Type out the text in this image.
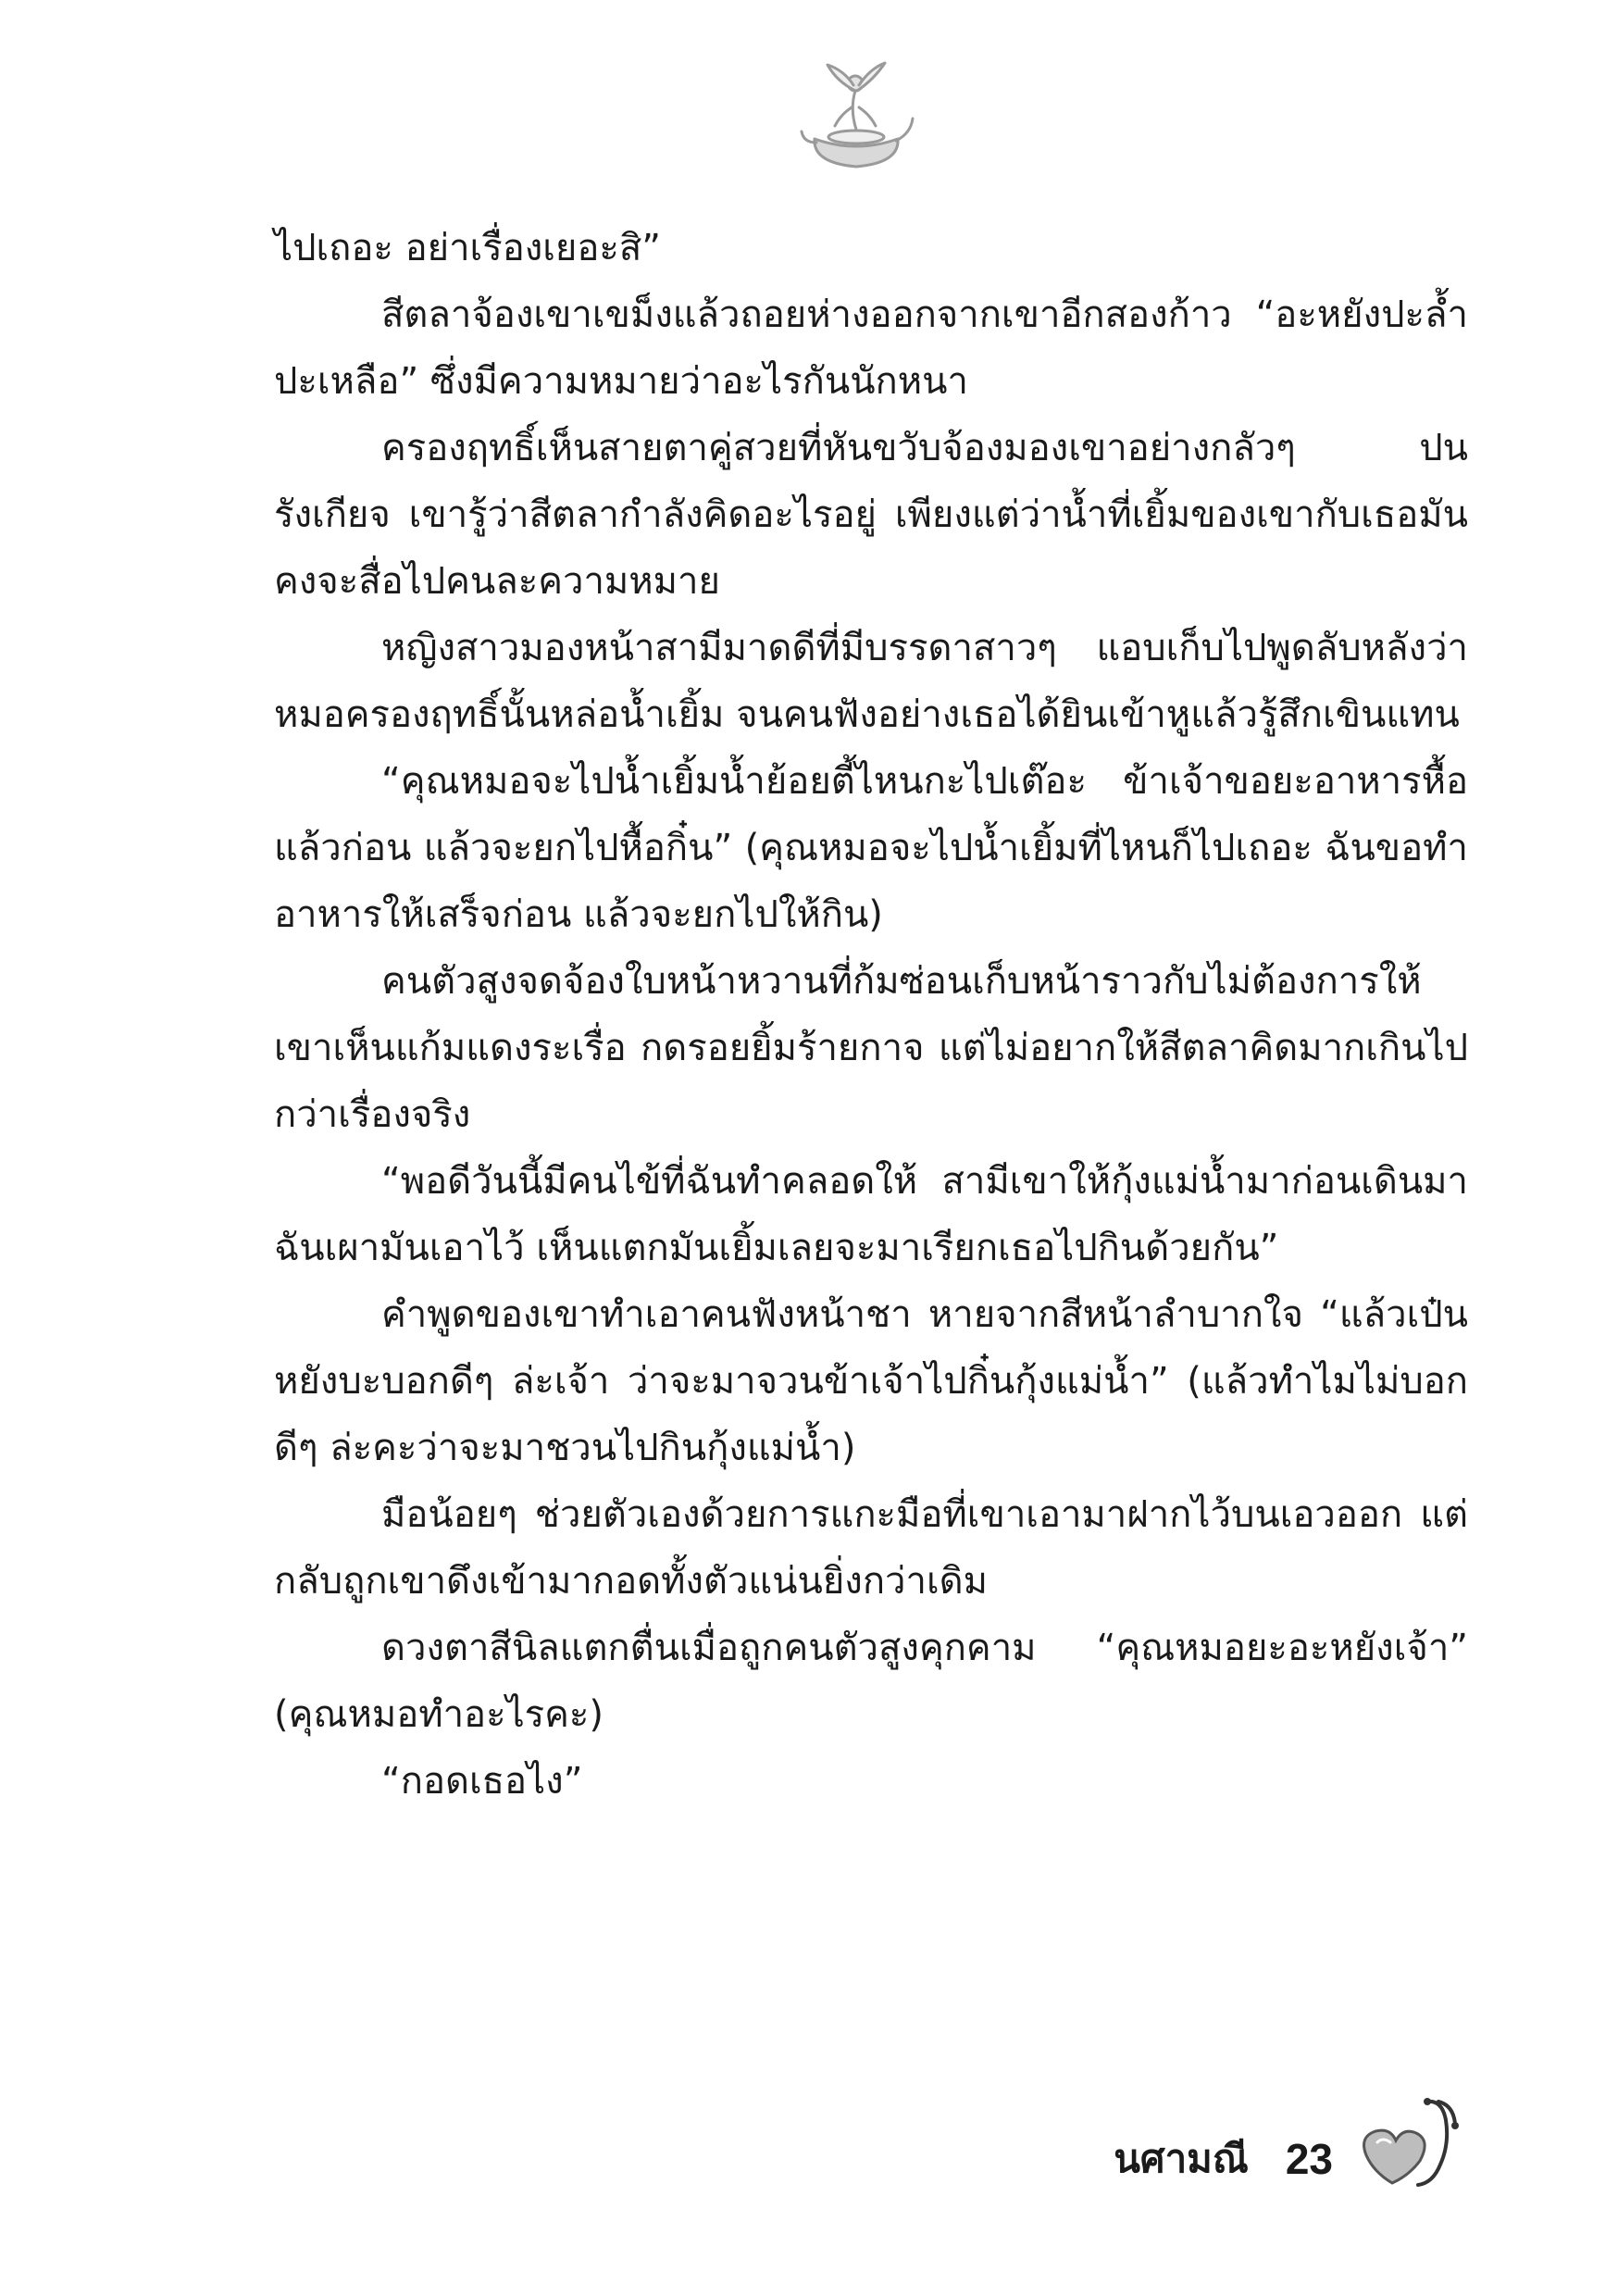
ไปเถอะ อย่าเรื่องเยอะสิ”

สีตลาจ้องเขาเขม็งแล้วถอยห่างออกจากเขาอีกสองก้าว “อะหยังปะล้ำปะเหลือ” ซึ่งมีความหมายว่าอะไรกันนักหนา

ครองฤทธิ์เห็นสายตาคู่สวยที่หันขวับจ้องมองเขาอย่างกลัวๆ ปนรังเกียจ เขารู้ว่าสีตลากำลังคิดอะไรอยู่ เพียงแต่ว่าน้ำที่เยิ้มของเขากับเธอมันคงจะสื่อไปคนละความหมาย

หญิงสาวมองหน้าสามีมาดดีที่มีบรรดาสาวๆ แอบเก็บไปพูดลับหลังว่าหมอครองฤทธิ์นั้นหล่อน้ำเยิ้ม จนคนฟังอย่างเธอได้ยินเข้าหูแล้วรู้สึกเขินแทน

“คุณหมอจะไปน้ำเยิ้มน้ำย้อยตี้ไหนกะไปเต๊อะ ข้าเจ้าขอยะอาหารหื้อแล้วก่อน แล้วจะยกไปหื้อกิ๋น” (คุณหมอจะไปน้ำเยิ้มที่ไหนก็ไปเถอะ ฉันขอทำอาหารให้เสร็จก่อน แล้วจะยกไปให้กิน)

คนตัวสูงจดจ้องใบหน้าหวานที่ก้มซ่อนเก็บหน้าราวกับไม่ต้องการให้เขาเห็นแก้มแดงระเรื่อ กดรอยยิ้มร้ายกาจ แต่ไม่อยากให้สีตลาคิดมากเกินไปกว่าเรื่องจริง

“พอดีวันนี้มีคนไข้ที่ฉันทำคลอดให้ สามีเขาให้กุ้งแม่น้ำมาก่อนเดินมา ฉันเผามันเอาไว้ เห็นแตกมันเยิ้มเลยจะมาเรียกเธอไปกินด้วยกัน”

คำพูดของเขาทำเอาคนฟังหน้าชา หายจากสีหน้าลำบากใจ “แล้วเป๋นหยังบะบอกดีๆ ล่ะเจ้า ว่าจะมาจวนข้าเจ้าไปกิ๋นกุ้งแม่น้ำ” (แล้วทำไมไม่บอกดีๆ ล่ะคะว่าจะมาชวนไปกินกุ้งแม่น้ำ)

มือน้อยๆ ช่วยตัวเองด้วยการแกะมือที่เขาเอามาฝากไว้บนเอวออก แต่กลับถูกเขาดึงเข้ามากอดทั้งตัวแน่นยิ่งกว่าเดิม

ดวงตาสีนิลแตกตื่นเมื่อถูกคนตัวสูงคุกคาม “คุณหมอยะอะหยังเจ้า” (คุณหมอทำอะไรคะ)

“กอดเธอไง”

นศามณี 23
